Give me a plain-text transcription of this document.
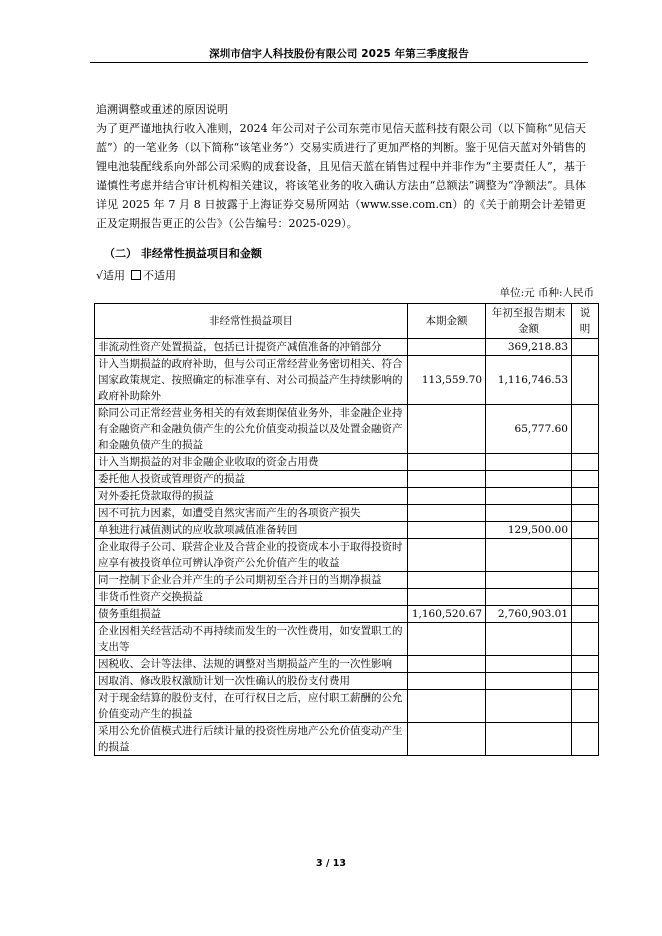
深圳市信宇人科技股份有限公司 2025 年第三季度报告
追溯调整或重述的原因说明
为了更严谨地执行收入准则，2024 年公司对子公司东莞市见信天蓝科技有限公司（以下简称“见信天蓝”）的一笔业务（以下简称“该笔业务”）交易实质进行了更加严格的判断。鉴于见信天蓝对外销售的锂电池装配线系向外部公司采购的成套设备，且见信天蓝在销售过程中并非作为“主要责任人”，基于谨慎性考虑并结合审计机构相关建议，将该笔业务的收入确认方法由“总额法”调整为“净额法”。具体详见 2025 年 7 月 8 日披露于上海证券交易所网站（www.sse.com.cn）的《关于前期会计差错更正及定期报告更正的公告》（公告编号：2025-029）。
（二） 非经常性损益项目和金额
√适用 不适用
单位:元 币种:人民币
非经常性损益项目	本期金额	年初至报告期末金额	说明
非流动性资产处置损益，包括已计提资产减值准备的冲销部分		369,218.83	
计入当期损益的政府补助，但与公司正常经营业务密切相关、符合国家政策规定、按照确定的标准享有、对公司损益产生持续影响的政府补助除外	113,559.70	1,116,746.53	
除同公司正常经营业务相关的有效套期保值业务外，非金融企业持有金融资产和金融负债产生的公允价值变动损益以及处置金融资产和金融负债产生的损益		65,777.60	
计入当期损益的对非金融企业收取的资金占用费			
委托他人投资或管理资产的损益			
对外委托贷款取得的损益			
因不可抗力因素，如遭受自然灾害而产生的各项资产损失			
单独进行减值测试的应收款项减值准备转回		129,500.00	
企业取得子公司、联营企业及合营企业的投资成本小于取得投资时应享有被投资单位可辨认净资产公允价值产生的收益			
同一控制下企业合并产生的子公司期初至合并日的当期净损益			
非货币性资产交换损益			
债务重组损益	1,160,520.67	2,760,903.01	
企业因相关经营活动不再持续而发生的一次性费用，如安置职工的支出等			
因税收、会计等法律、法规的调整对当期损益产生的一次性影响			
因取消、修改股权激励计划一次性确认的股份支付费用			
对于现金结算的股份支付，在可行权日之后，应付职工薪酬的公允价值变动产生的损益			
采用公允价值模式进行后续计量的投资性房地产公允价值变动产生的损益			
3 / 13
